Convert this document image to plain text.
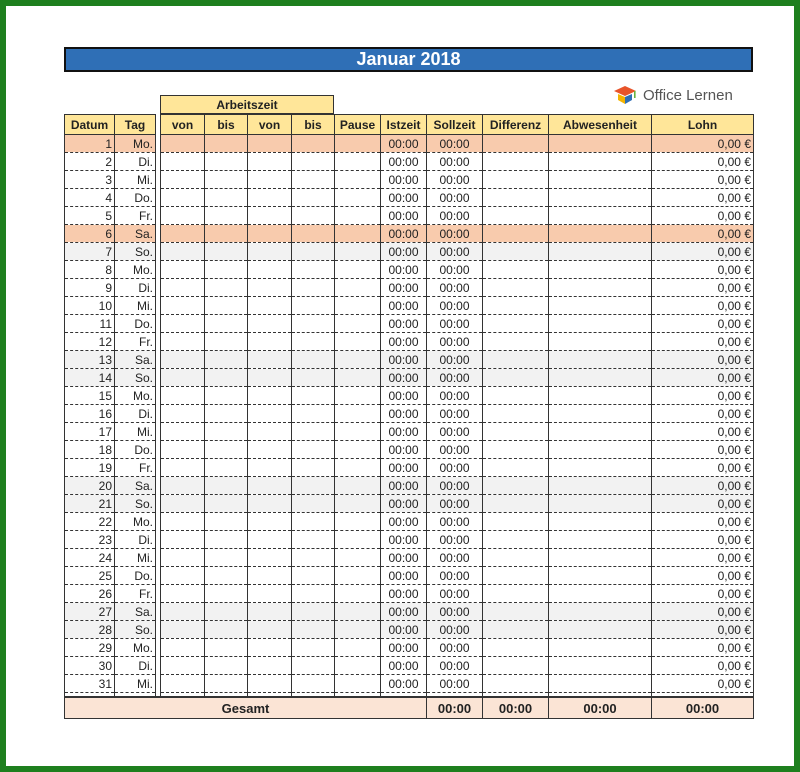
Januar 2018
Office Lernen
Arbeitszeit
Datum	Tag		von	bis	von	bis	Pause	Istzeit	Sollzeit	Differenz	Abwesenheit	Lohn	
1	Mo.							00:00	00:00			0,00 €	
2	Di.							00:00	00:00			0,00 €	
3	Mi.							00:00	00:00			0,00 €	
4	Do.							00:00	00:00			0,00 €	
5	Fr.							00:00	00:00			0,00 €	
6	Sa.							00:00	00:00			0,00 €	
7	So.							00:00	00:00			0,00 €	
8	Mo.							00:00	00:00			0,00 €	
9	Di.							00:00	00:00			0,00 €	
10	Mi.							00:00	00:00			0,00 €	
11	Do.							00:00	00:00			0,00 €	
12	Fr.							00:00	00:00			0,00 €	
13	Sa.							00:00	00:00			0,00 €	
14	So.							00:00	00:00			0,00 €	
15	Mo.							00:00	00:00			0,00 €	
16	Di.							00:00	00:00			0,00 €	
17	Mi.							00:00	00:00			0,00 €	
18	Do.							00:00	00:00			0,00 €	
19	Fr.							00:00	00:00			0,00 €	
20	Sa.							00:00	00:00			0,00 €	
21	So.							00:00	00:00			0,00 €	
22	Mo.							00:00	00:00			0,00 €	
23	Di.							00:00	00:00			0,00 €	
24	Mi.							00:00	00:00			0,00 €	
25	Do.							00:00	00:00			0,00 €	
26	Fr.							00:00	00:00			0,00 €	
27	Sa.							00:00	00:00			0,00 €	
28	So.							00:00	00:00			0,00 €	
29	Mo.							00:00	00:00			0,00 €	
30	Di.							00:00	00:00			0,00 €	
31	Mi.							00:00	00:00			0,00 €	

Gesamt									00:00	00:00	00:00	00:00	
